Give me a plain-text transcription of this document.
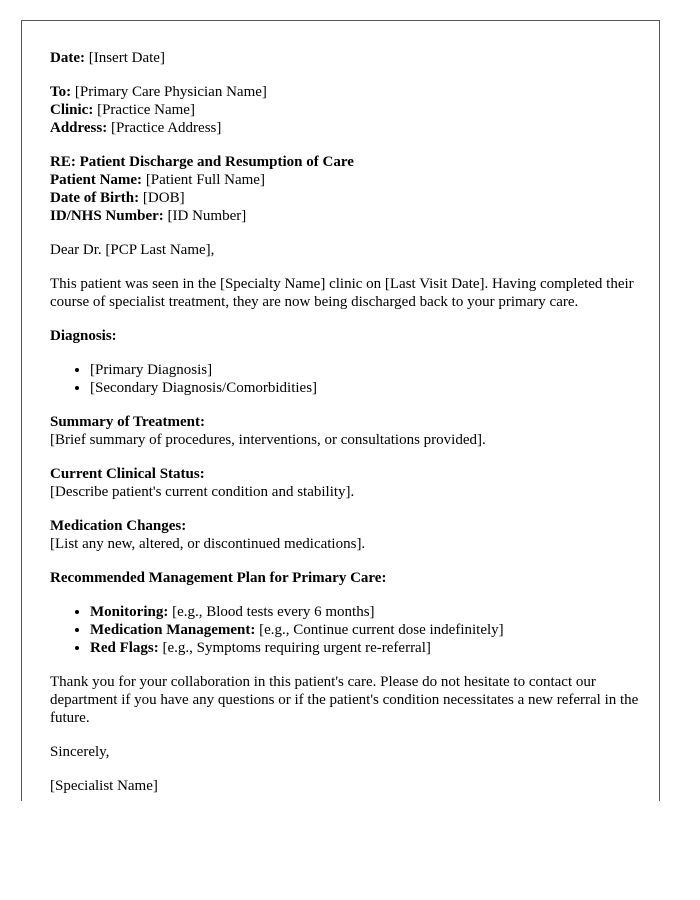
Date: [Insert Date]

To: [Primary Care Physician Name]
Clinic: [Practice Name]
Address: [Practice Address]

RE: Patient Discharge and Resumption of Care
Patient Name: [Patient Full Name]
Date of Birth: [DOB]
ID/NHS Number: [ID Number]

Dear Dr. [PCP Last Name],

This patient was seen in the [Specialty Name] clinic on [Last Visit Date]. Having completed their course of specialist treatment, they are now being discharged back to your primary care.

Diagnosis:

• [Primary Diagnosis]
• [Secondary Diagnosis/Comorbidities]

Summary of Treatment:
[Brief summary of procedures, interventions, or consultations provided].

Current Clinical Status:
[Describe patient's current condition and stability].

Medication Changes:
[List any new, altered, or discontinued medications].

Recommended Management Plan for Primary Care:

• Monitoring: [e.g., Blood tests every 6 months]
• Medication Management: [e.g., Continue current dose indefinitely]
• Red Flags: [e.g., Symptoms requiring urgent re-referral]

Thank you for your collaboration in this patient's care. Please do not hesitate to contact our department if you have any questions or if the patient's condition necessitates a new referral in the future.

Sincerely,

[Specialist Name]
